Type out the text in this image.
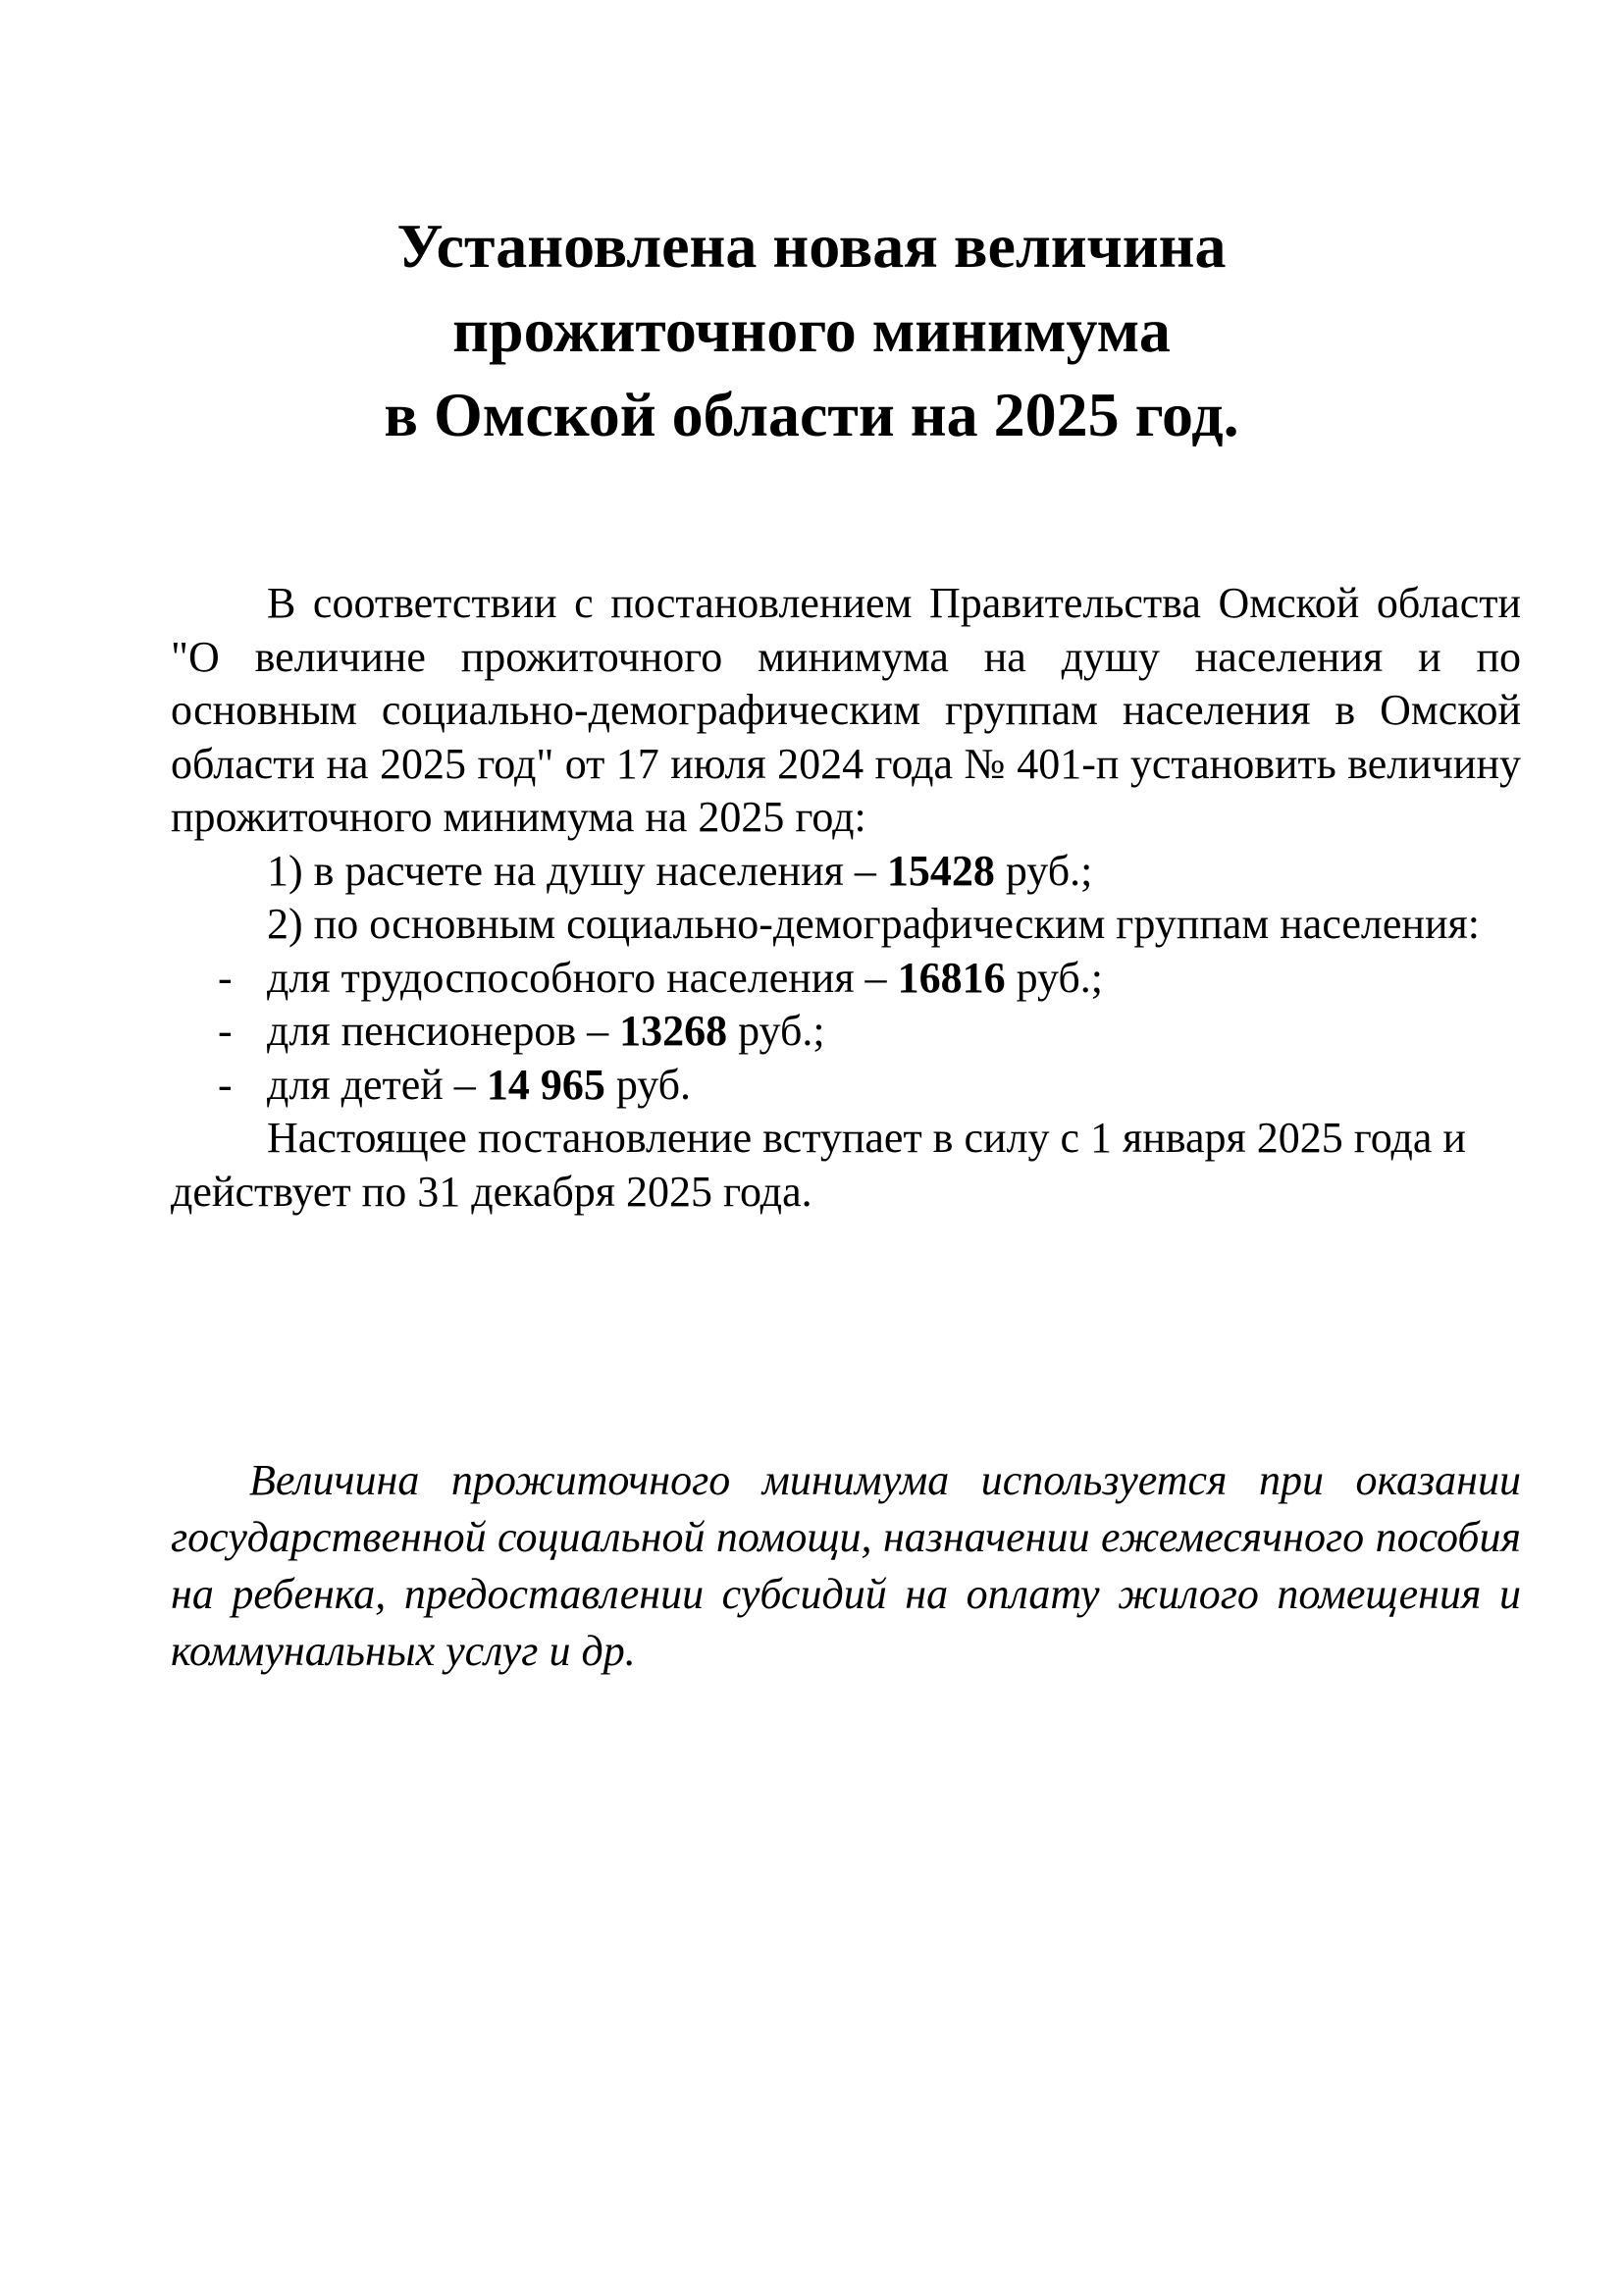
Установлена новая величина
прожиточного минимума
в Омской области на 2025 год.

В соответствии с постановлением Правительства Омской области "О величине прожиточного минимума на душу населения и по основным социально-демографическим группам населения в Омской области на 2025 год" от 17 июля 2024 года № 401-п установить величину прожиточного минимума на 2025 год:

1) в расчете на душу населения – 15428 руб.;

2) по основным социально-демографическим группам населения:

- для трудоспособного населения – 16816 руб.;

- для пенсионеров – 13268 руб.;

- для детей – 14 965 руб.

Настоящее постановление вступает в силу с 1 января 2025 года и действует по 31 декабря 2025 года.

Величина прожиточного минимума используется при оказании государственной социальной помощи, назначении ежемесячного пособия на ребенка, предоставлении субсидий на оплату жилого помещения и коммунальных услуг и др.
